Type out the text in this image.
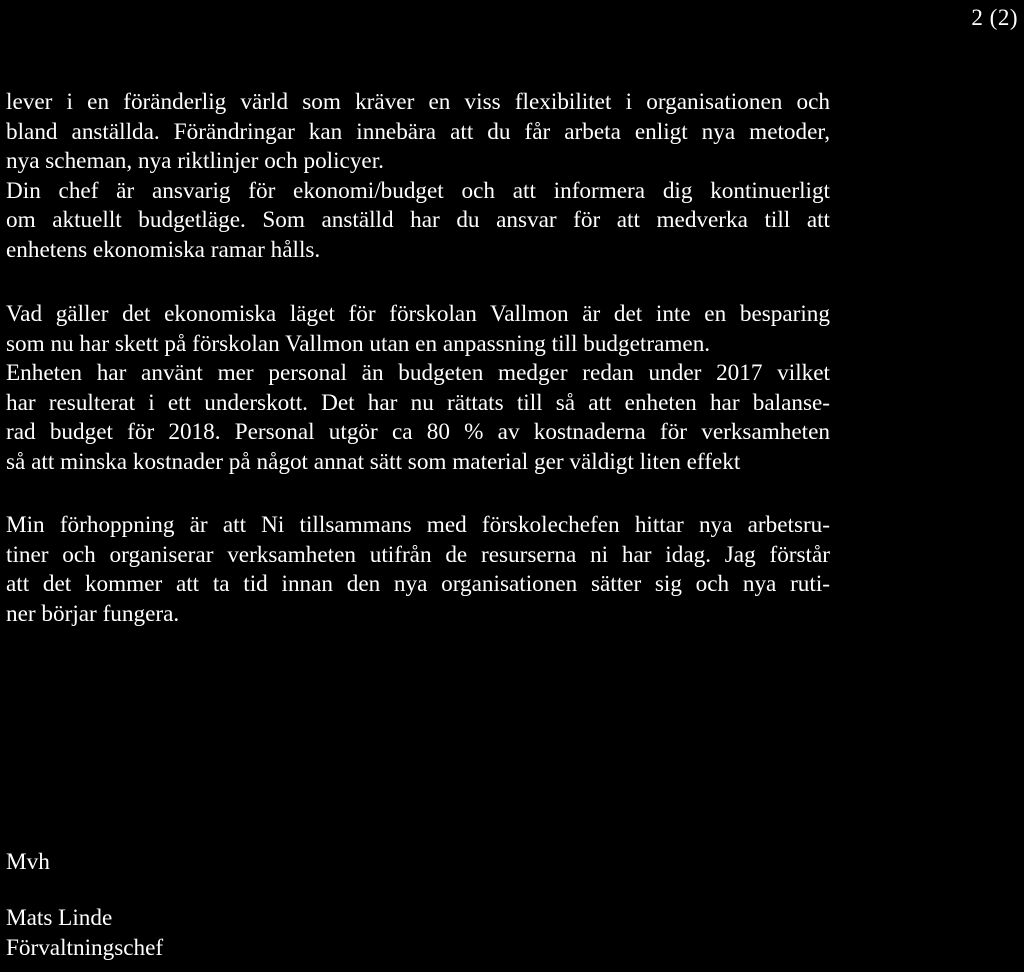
2 (2)

lever i en föränderlig värld som kräver en viss flexibilitet i organisationen och
bland anställda. Förändringar kan innebära att du får arbeta enligt nya metoder,
nya scheman, nya riktlinjer och policyer.
Din chef är ansvarig för ekonomi/budget och att informera dig kontinuerligt
om aktuellt budgetläge. Som anställd har du ansvar för att medverka till att
enhetens ekonomiska ramar hålls.

Vad gäller det ekonomiska läget för förskolan Vallmon är det inte en besparing
som nu har skett på förskolan Vallmon utan en anpassning till budgetramen.
Enheten har använt mer personal än budgeten medger redan under 2017 vilket
har resulterat i ett underskott. Det har nu rättats till så att enheten har balanse-
rad budget för 2018. Personal utgör ca 80 % av kostnaderna för verksamheten
så att minska kostnader på något annat sätt som material ger väldigt liten effekt

Min förhoppning är att Ni tillsammans med förskolechefen hittar nya arbetsru-
tiner och organiserar verksamheten utifrån de resurserna ni har idag. Jag förstår
att det kommer att ta tid innan den nya organisationen sätter sig och nya ruti-
ner börjar fungera.

Mvh

Mats Linde

Förvaltningschef
